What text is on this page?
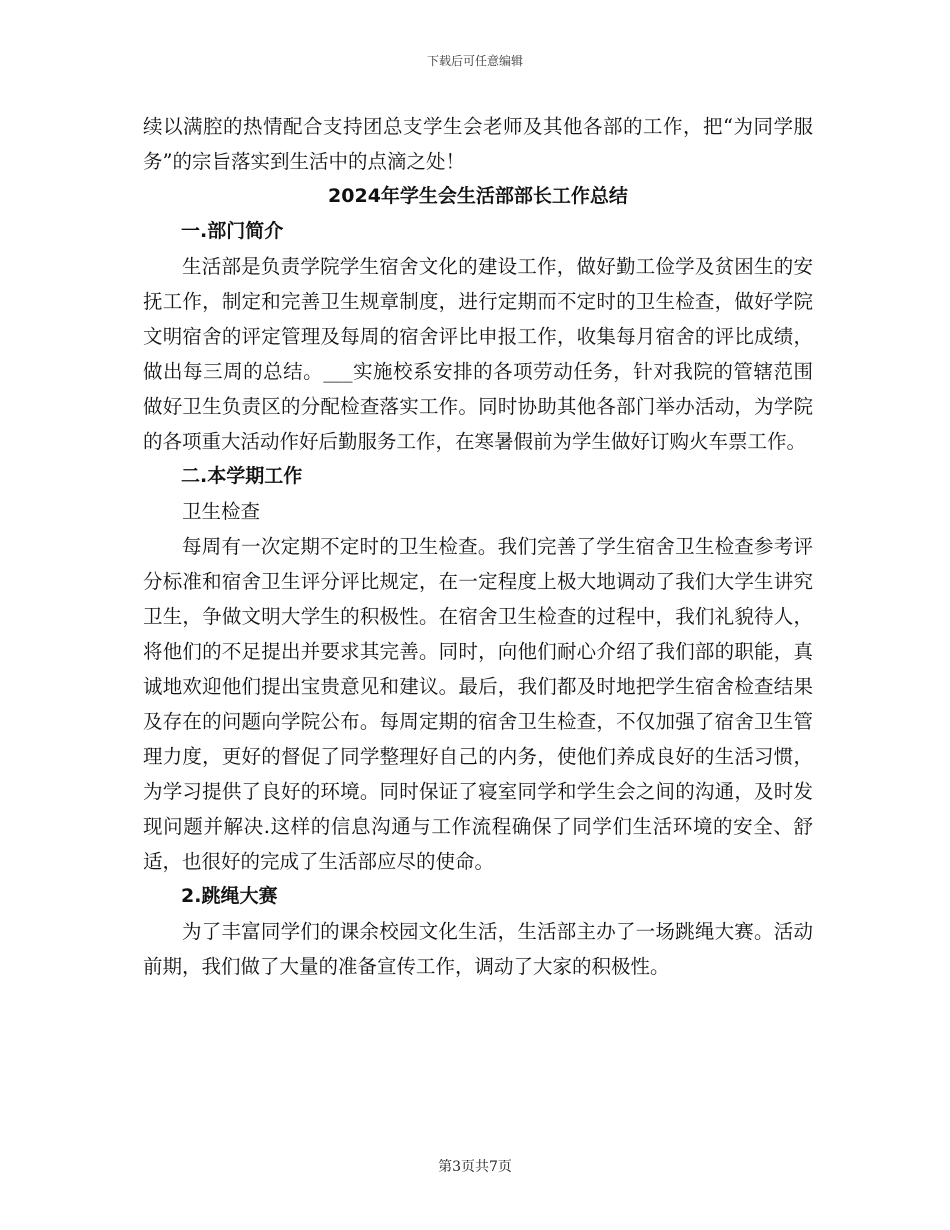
下载后可任意编辑

续以满腔的热情配合支持团总支学生会老师及其他各部的工作，把“为同学服务”的宗旨落实到生活中的点滴之处！

2024年学生会生活部部长工作总结

一.部门简介

生活部是负责学院学生宿舍文化的建设工作，做好勤工俭学及贫困生的安抚工作，制定和完善卫生规章制度，进行定期而不定时的卫生检查，做好学院文明宿舍的评定管理及每周的宿舍评比申报工作，收集每月宿舍的评比成绩，做出每三周的总结。___实施校系安排的各项劳动任务，针对我院的管辖范围做好卫生负责区的分配检查落实工作。同时协助其他各部门举办活动，为学院的各项重大活动作好后勤服务工作，在寒暑假前为学生做好订购火车票工作。

二.本学期工作

卫生检查

每周有一次定期不定时的卫生检查。我们完善了学生宿舍卫生检查参考评分标准和宿舍卫生评分评比规定，在一定程度上极大地调动了我们大学生讲究卫生，争做文明大学生的积极性。在宿舍卫生检查的过程中，我们礼貌待人，将他们的不足提出并要求其完善。同时，向他们耐心介绍了我们部的职能，真诚地欢迎他们提出宝贵意见和建议。最后，我们都及时地把学生宿舍检查结果及存在的问题向学院公布。每周定期的宿舍卫生检查，不仅加强了宿舍卫生管理力度，更好的督促了同学整理好自己的内务，使他们养成良好的生活习惯，为学习提供了良好的环境。同时保证了寝室同学和学生会之间的沟通，及时发现问题并解决.这样的信息沟通与工作流程确保了同学们生活环境的安全、舒适，也很好的完成了生活部应尽的使命。

2.跳绳大赛

为了丰富同学们的课余校园文化生活，生活部主办了一场跳绳大赛。活动前期，我们做了大量的准备宣传工作，调动了大家的积极性。

第3页共7页
